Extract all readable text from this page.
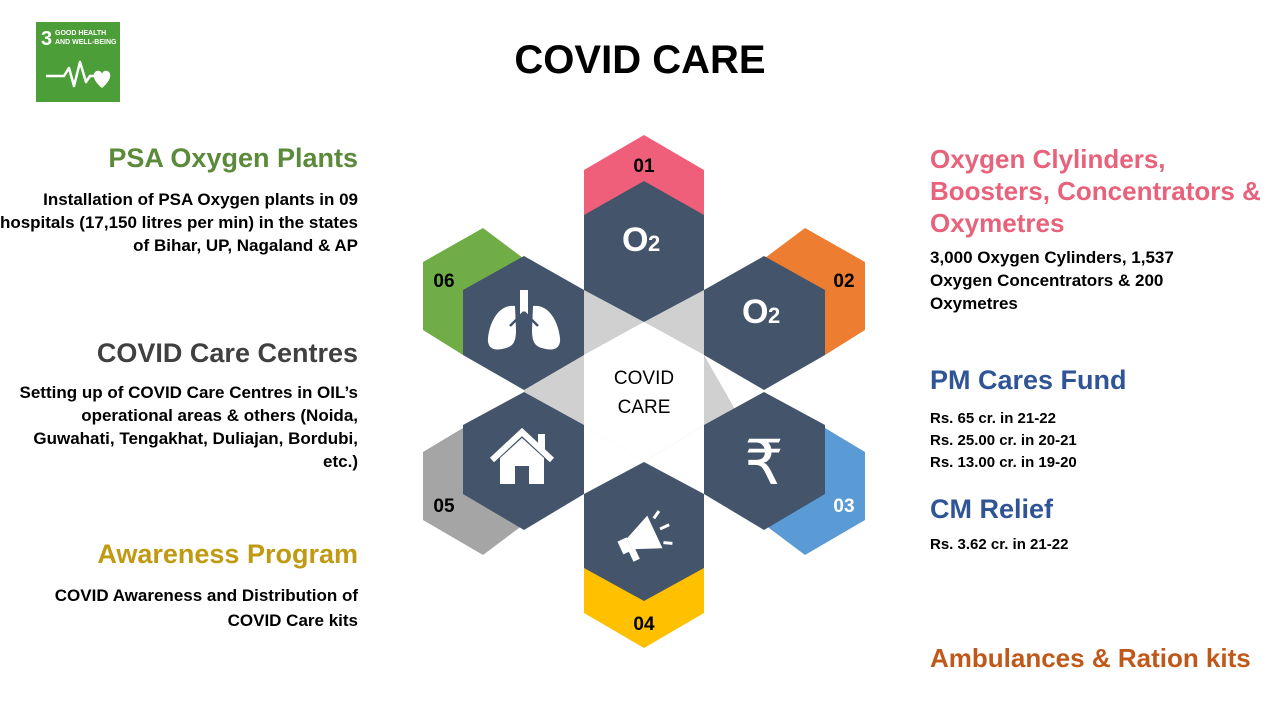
3 GOOD HEALTH
AND WELL-BEING	COVID CARE
PSA Oxygen Plants
Installation of PSA Oxygen plants in 09 hospitals (17,150 litres per min) in the states of Bihar, UP, Nagaland & AP
COVID Care Centres
Setting up of COVID Care Centres in OIL’s operational areas & others (Noida, Guwahati, Tengakhat, Duliajan, Bordubi, etc.)
Awareness Program
COVID Awareness and Distribution of COVID Care kits
Oxygen Clylinders, Boosters, Concentrators & Oxymetres
3,000 Oxygen Cylinders, 1,537 Oxygen Concentrators & 200 Oxymetres
PM Cares Fund
Rs. 65 cr. in 21-22
Rs. 25.00 cr. in 20-21
Rs. 13.00 cr. in 19-20
CM Relief
Rs. 3.62 cr. in 21-22
Ambulances & Ration kits
COVID
CARE
01
02
03
04
05
06
O 2
O 2
₹
